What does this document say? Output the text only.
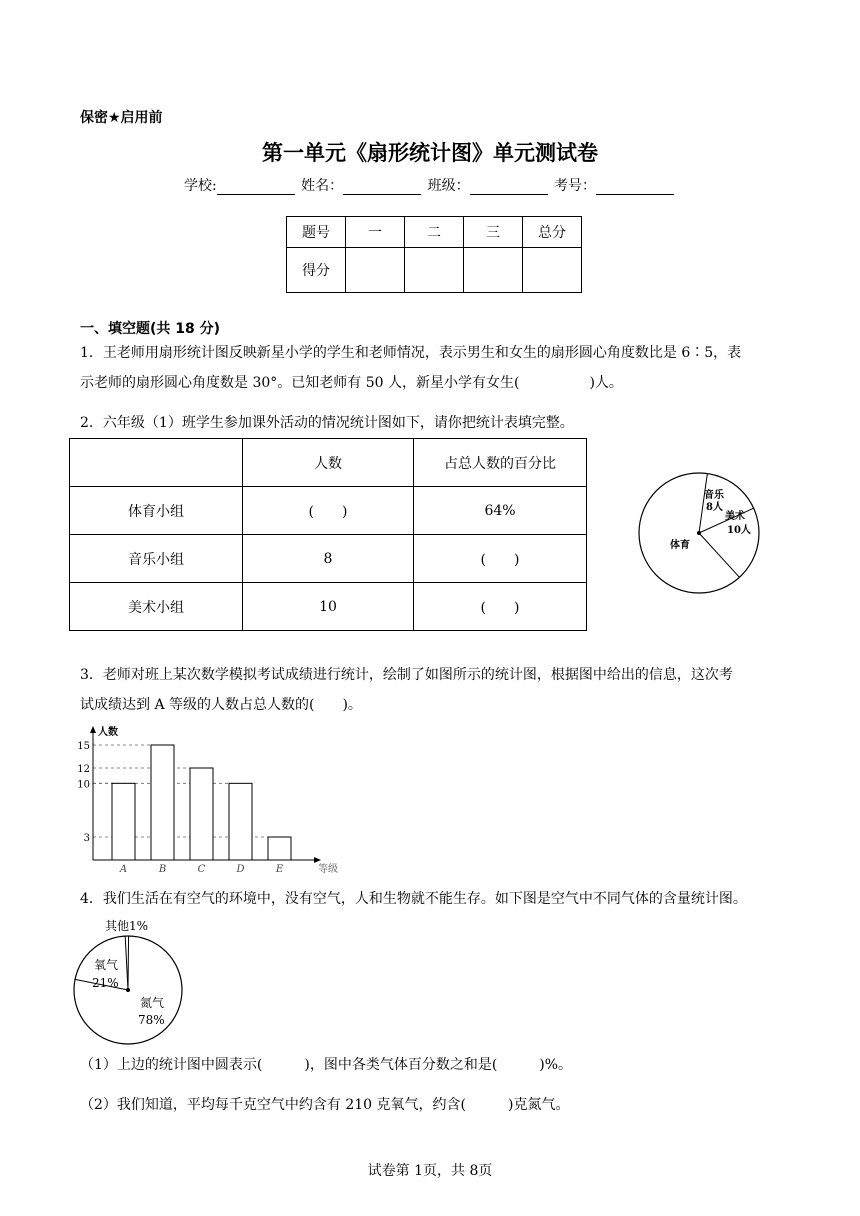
保密★启用前
第一单元《扇形统计图》单元测试卷
学校:	姓名：	班级：	考号：
题号	一	二	三	总分
得分				
一、填空题(共 18 分)
1．王老师用扇形统计图反映新星小学的学生和老师情况，表示男生和女生的扇形圆心角度数比是 6∶5，表
示老师的扇形圆心角度数是 30°。已知老师有 50 人，新星小学有女生(　　　　　)人。
2．六年级（1）班学生参加课外活动的情况统计图如下，请你把统计表填完整。
	人数	占总人数的百分比
体育小组	(　　)	64%
音乐小组	8	(　　)
美术小组	10	(　　)
音乐
8人
美术
10人
体育
3．老师对班上某次数学模拟考试成绩进行统计，绘制了如图所示的统计图，根据图中给出的信息，这次考
试成绩达到 A 等级的人数占总人数的(　　)。
人数
等级
3
10
12
15
A	B	C	D	E
4．我们生活在有空气的环境中，没有空气，人和生物就不能生存。如下图是空气中不同气体的含量统计图。
其他1%
氧气
21%
氮气
78%
（1）上边的统计图中圆表示(　　　)，图中各类气体百分数之和是(　　　)%。
（2）我们知道，平均每千克空气中约含有 210 克氧气，约含(　　　)克氮气。
试卷第 1页，共 8页
